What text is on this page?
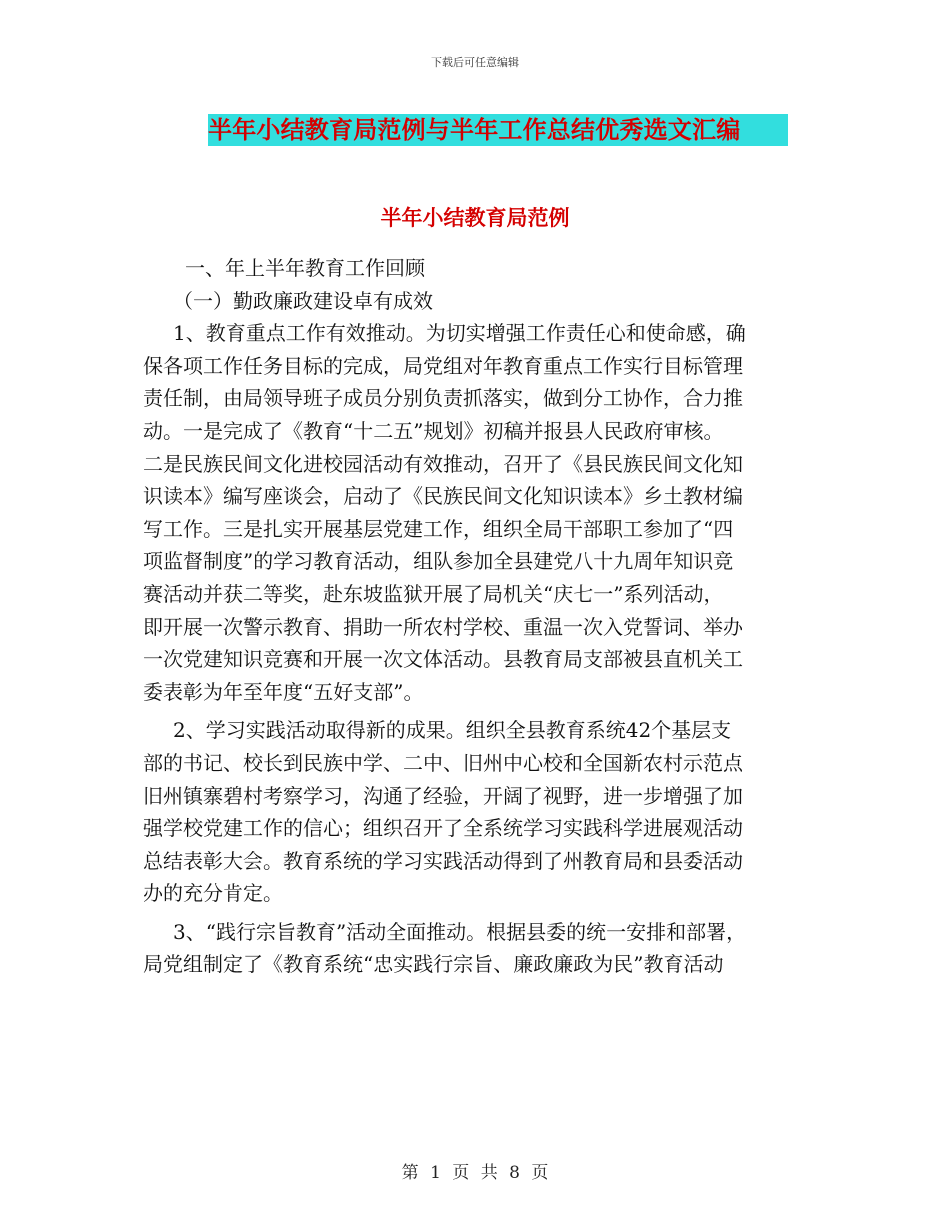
下载后可任意编辑
半年小结教育局范例与半年工作总结优秀选文汇编
半年小结教育局范例
一、年上半年教育工作回顾
（一）勤政廉政建设卓有成效
1、教育重点工作有效推动。为切实增强工作责任心和使命感，确
保各项工作任务目标的完成，局党组对年教育重点工作实行目标管理
责任制，由局领导班子成员分别负责抓落实，做到分工协作，合力推
动。一是完成了《教育“十二五”规划》初稿并报县人民政府审核。
二是民族民间文化进校园活动有效推动，召开了《县民族民间文化知
识读本》编写座谈会，启动了《民族民间文化知识读本》乡土教材编
写工作。三是扎实开展基层党建工作，组织全局干部职工参加了“四
项监督制度”的学习教育活动，组队参加全县建党八十九周年知识竞
赛活动并获二等奖，赴东坡监狱开展了局机关“庆七一”系列活动，
即开展一次警示教育、捐助一所农村学校、重温一次入党誓词、举办
一次党建知识竞赛和开展一次文体活动。县教育局支部被县直机关工
委表彰为年至年度“五好支部”。
2、学习实践活动取得新的成果。组织全县教育系统42个基层支
部的书记、校长到民族中学、二中、旧州中心校和全国新农村示范点
旧州镇寨碧村考察学习，沟通了经验，开阔了视野，进一步增强了加
强学校党建工作的信心；组织召开了全系统学习实践科学进展观活动
总结表彰大会。教育系统的学习实践活动得到了州教育局和县委活动
办的充分肯定。
3、“践行宗旨教育”活动全面推动。根据县委的统一安排和部署，
局党组制定了《教育系统“忠实践行宗旨、廉政廉政为民”教育活动
第 1 页 共 8 页
